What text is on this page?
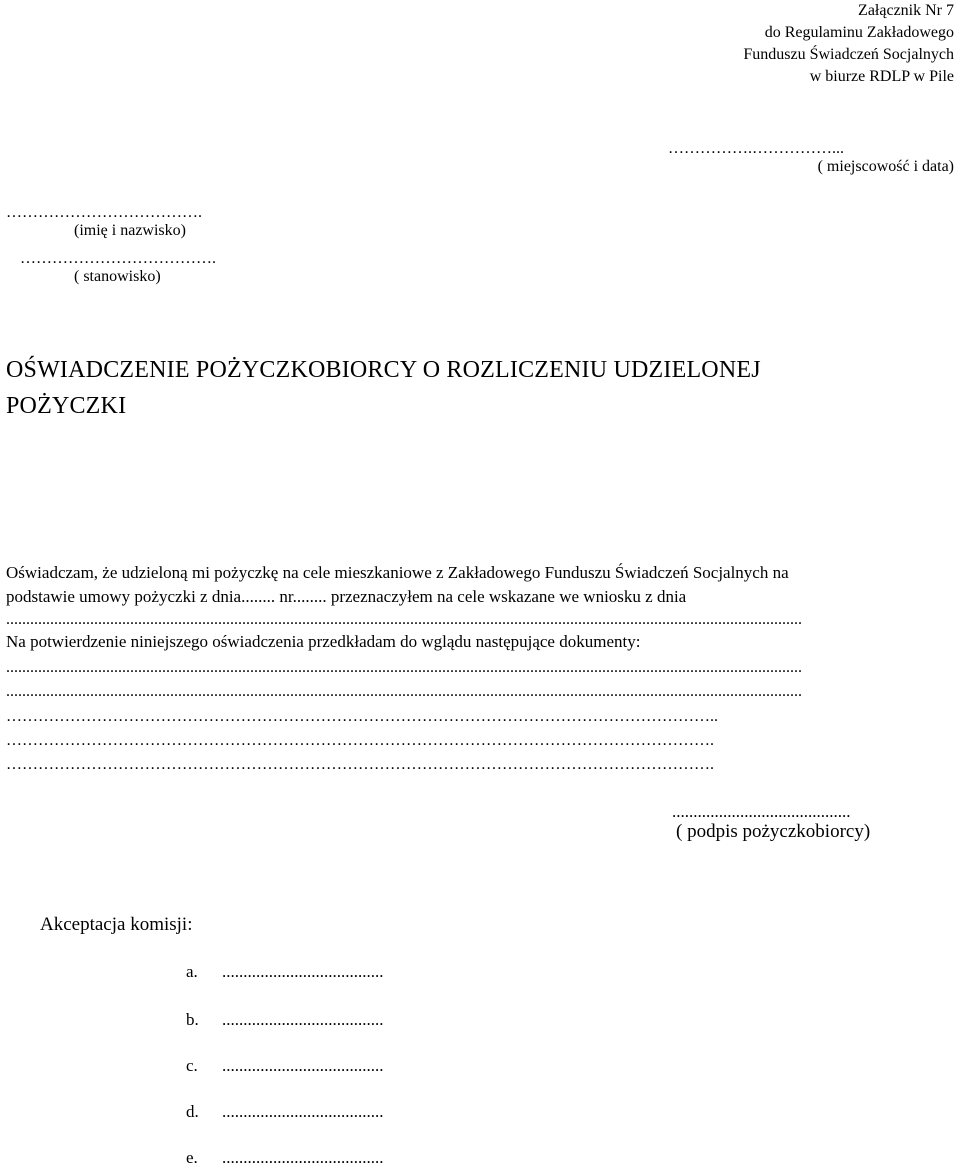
Załącznik Nr 7
do Regulaminu Zakładowego
Funduszu Świadczeń Socjalnych
w biurze RDLP w Pile
…………….……………...
( miejscowość i data)
……………………………….
(imię i nazwisko)
……………………………….
( stanowisko)
OŚWIADCZENIE POŻYCZKOBIORCY O ROZLICZENIU UDZIELONEJ
POŻYCZKI
Oświadczam, że udzieloną mi pożyczkę na cele mieszkaniowe z Zakładowego Funduszu Świadczeń Socjalnych na
podstawie umowy pożyczki z dnia........ nr........ przeznaczyłem na cele wskazane we wniosku z dnia
.......................................................................................................................................................................................................
Na potwierdzenie niniejszego oświadczenia przedkładam do wglądu następujące dokumenty:
.......................................................................................................................................................................................................
.......................................................................................................................................................................................................
……………………………………………………………………………………………………………………..
…………………………………………………………………………………………………………………….
…………………………………………………………………………………………………………………….
..........................................
( podpis pożyczkobiorcy)
Akceptacja komisji:
a. ......................................
b. ......................................
c. ......................................
d. ......................................
e. ......................................
